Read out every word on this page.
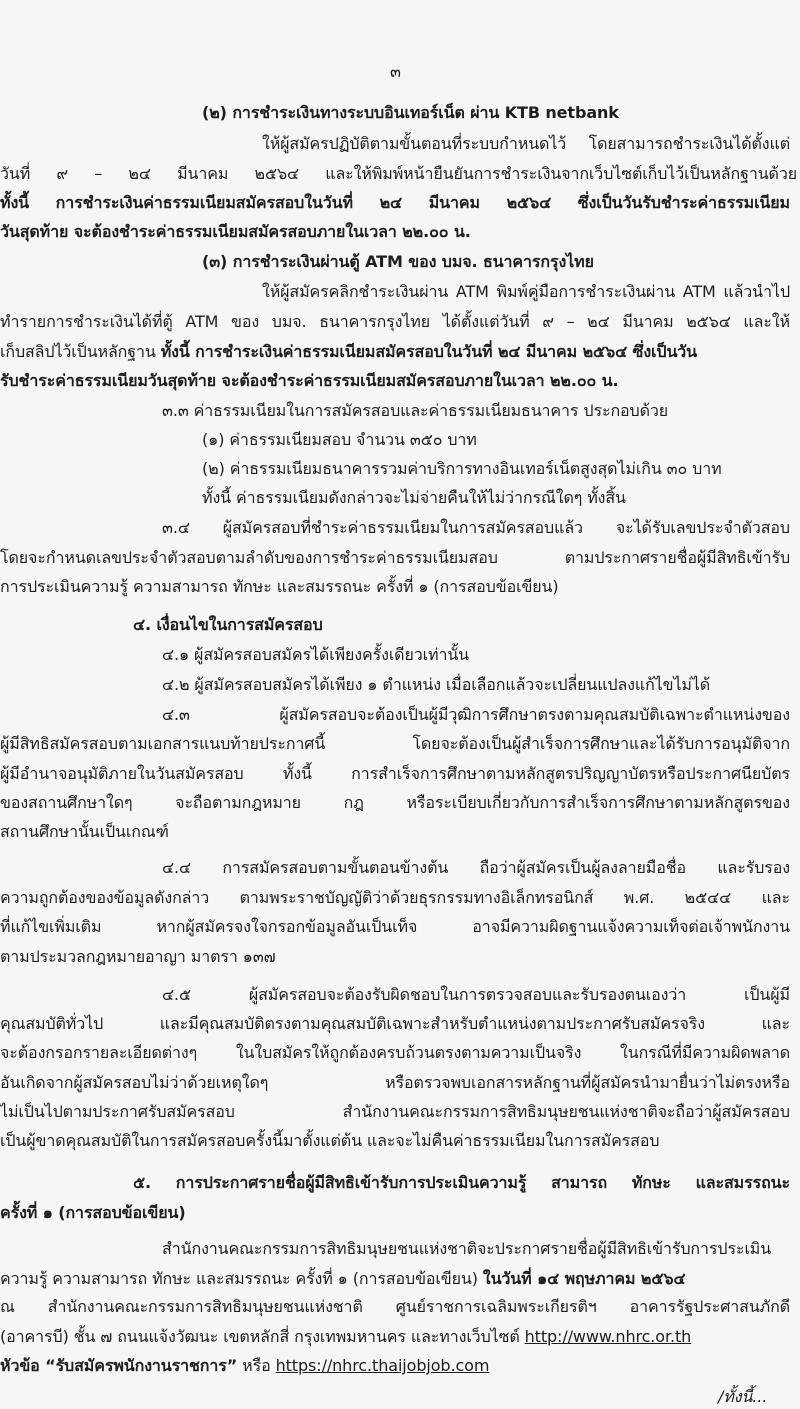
๓
(๒) การชำระเงินทางระบบอินเทอร์เน็ต ผ่าน KTB netbank
ให้ผู้สมัครปฏิบัติตามขั้นตอนที่ระบบกำหนดไว้ โดยสามารถชำระเงินได้ตั้งแต่
วันที่ ๙ – ๒๔ มีนาคม ๒๕๖๔ และให้พิมพ์หน้ายืนยันการชำระเงินจากเว็บไซต์เก็บไว้เป็นหลักฐานด้วย
ทั้งนี้ การชำระเงินค่าธรรมเนียมสมัครสอบในวันที่ ๒๔ มีนาคม ๒๕๖๔ ซึ่งเป็นวันรับชำระค่าธรรมเนียม
วันสุดท้าย จะต้องชำระค่าธรรมเนียมสมัครสอบภายในเวลา ๒๒.๐๐ น.
(๓) การชำระเงินผ่านตู้ ATM ของ บมจ. ธนาคารกรุงไทย
ให้ผู้สมัครคลิกชำระเงินผ่าน ATM พิมพ์คู่มือการชำระเงินผ่าน ATM แล้วนำไป
ทำรายการชำระเงินได้ที่ตู้ ATM ของ บมจ. ธนาคารกรุงไทย ได้ตั้งแต่วันที่ ๙ – ๒๔ มีนาคม ๒๕๖๔ และให้
เก็บสลิปไว้เป็นหลักฐาน ทั้งนี้ การชำระเงินค่าธรรมเนียมสมัครสอบในวันที่ ๒๔ มีนาคม ๒๕๖๔ ซึ่งเป็นวัน
รับชำระค่าธรรมเนียมวันสุดท้าย จะต้องชำระค่าธรรมเนียมสมัครสอบภายในเวลา ๒๒.๐๐ น.
๓.๓ ค่าธรรมเนียมในการสมัครสอบและค่าธรรมเนียมธนาคาร ประกอบด้วย
(๑) ค่าธรรมเนียมสอบ จำนวน ๓๕๐ บาท
(๒) ค่าธรรมเนียมธนาคารรวมค่าบริการทางอินเทอร์เน็ตสูงสุดไม่เกิน ๓๐ บาท
ทั้งนี้ ค่าธรรมเนียมดังกล่าวจะไม่จ่ายคืนให้ไม่ว่ากรณีใดๆ ทั้งสิ้น
๓.๔ ผู้สมัครสอบที่ชำระค่าธรรมเนียมในการสมัครสอบแล้ว จะได้รับเลขประจำตัวสอบ
โดยจะกำหนดเลขประจำตัวสอบตามลำดับของการชำระค่าธรรมเนียมสอบ ตามประกาศรายชื่อผู้มีสิทธิเข้ารับ
การประเมินความรู้ ความสามารถ ทักษะ และสมรรถนะ ครั้งที่ ๑ (การสอบข้อเขียน)
๔. เงื่อนไขในการสมัครสอบ
๔.๑ ผู้สมัครสอบสมัครได้เพียงครั้งเดียวเท่านั้น
๔.๒ ผู้สมัครสอบสมัครได้เพียง ๑ ตำแหน่ง เมื่อเลือกแล้วจะเปลี่ยนแปลงแก้ไขไม่ได้
๔.๓ ผู้สมัครสอบจะต้องเป็นผู้มีวุฒิการศึกษาตรงตามคุณสมบัติเฉพาะตำแหน่งของ
ผู้มีสิทธิสมัครสอบตามเอกสารแนบท้ายประกาศนี้ โดยจะต้องเป็นผู้สำเร็จการศึกษาและได้รับการอนุมัติจาก
ผู้มีอำนาจอนุมัติภายในวันสมัครสอบ ทั้งนี้ การสำเร็จการศึกษาตามหลักสูตรปริญญาบัตรหรือประกาศนียบัตร
ของสถานศึกษาใดๆ จะถือตามกฎหมาย กฎ หรือระเบียบเกี่ยวกับการสำเร็จการศึกษาตามหลักสูตรของ
สถานศึกษานั้นเป็นเกณฑ์
๔.๔ การสมัครสอบตามขั้นตอนข้างต้น ถือว่าผู้สมัครเป็นผู้ลงลายมือชื่อ และรับรอง
ความถูกต้องของข้อมูลดังกล่าว ตามพระราชบัญญัติว่าด้วยธุรกรรมทางอิเล็กทรอนิกส์ พ.ศ. ๒๕๔๔ และ
ที่แก้ไขเพิ่มเติม หากผู้สมัครจงใจกรอกข้อมูลอันเป็นเท็จ อาจมีความผิดฐานแจ้งความเท็จต่อเจ้าพนักงาน
ตามประมวลกฎหมายอาญา มาตรา ๑๓๗
๔.๕ ผู้สมัครสอบจะต้องรับผิดชอบในการตรวจสอบและรับรองตนเองว่า เป็นผู้มี
คุณสมบัติทั่วไป และมีคุณสมบัติตรงตามคุณสมบัติเฉพาะสำหรับตำแหน่งตามประกาศรับสมัครจริง และ
จะต้องกรอกรายละเอียดต่างๆ ในใบสมัครให้ถูกต้องครบถ้วนตรงตามความเป็นจริง ในกรณีที่มีความผิดพลาด
อันเกิดจากผู้สมัครสอบไม่ว่าด้วยเหตุใดๆ หรือตรวจพบเอกสารหลักฐานที่ผู้สมัครนำมายื่นว่าไม่ตรงหรือ
ไม่เป็นไปตามประกาศรับสมัครสอบ สำนักงานคณะกรรมการสิทธิมนุษยชนแห่งชาติจะถือว่าผู้สมัครสอบ
เป็นผู้ขาดคุณสมบัติในการสมัครสอบครั้งนี้มาตั้งแต่ต้น และจะไม่คืนค่าธรรมเนียมในการสมัครสอบ
๕. การประกาศรายชื่อผู้มีสิทธิเข้ารับการประเมินความรู้ สามารถ ทักษะ และสมรรถนะ
ครั้งที่ ๑ (การสอบข้อเขียน)
สำนักงานคณะกรรมการสิทธิมนุษยชนแห่งชาติจะประกาศรายชื่อผู้มีสิทธิเข้ารับการประเมิน
ความรู้ ความสามารถ ทักษะ และสมรรถนะ ครั้งที่ ๑ (การสอบข้อเขียน) ในวันที่ ๑๔ พฤษภาคม ๒๕๖๔
ณ สำนักงานคณะกรรมการสิทธิมนุษยชนแห่งชาติ ศูนย์ราชการเฉลิมพระเกียรติฯ อาคารรัฐประศาสนภักดี
(อาคารบี) ชั้น ๗ ถนนแจ้งวัฒนะ เขตหลักสี่ กรุงเทพมหานคร และทางเว็บไซต์ http://www.nhrc.or.th
หัวข้อ “รับสมัครพนักงานราชการ” หรือ https://nhrc.thaijobjob.com
/ทั้งนี้...
